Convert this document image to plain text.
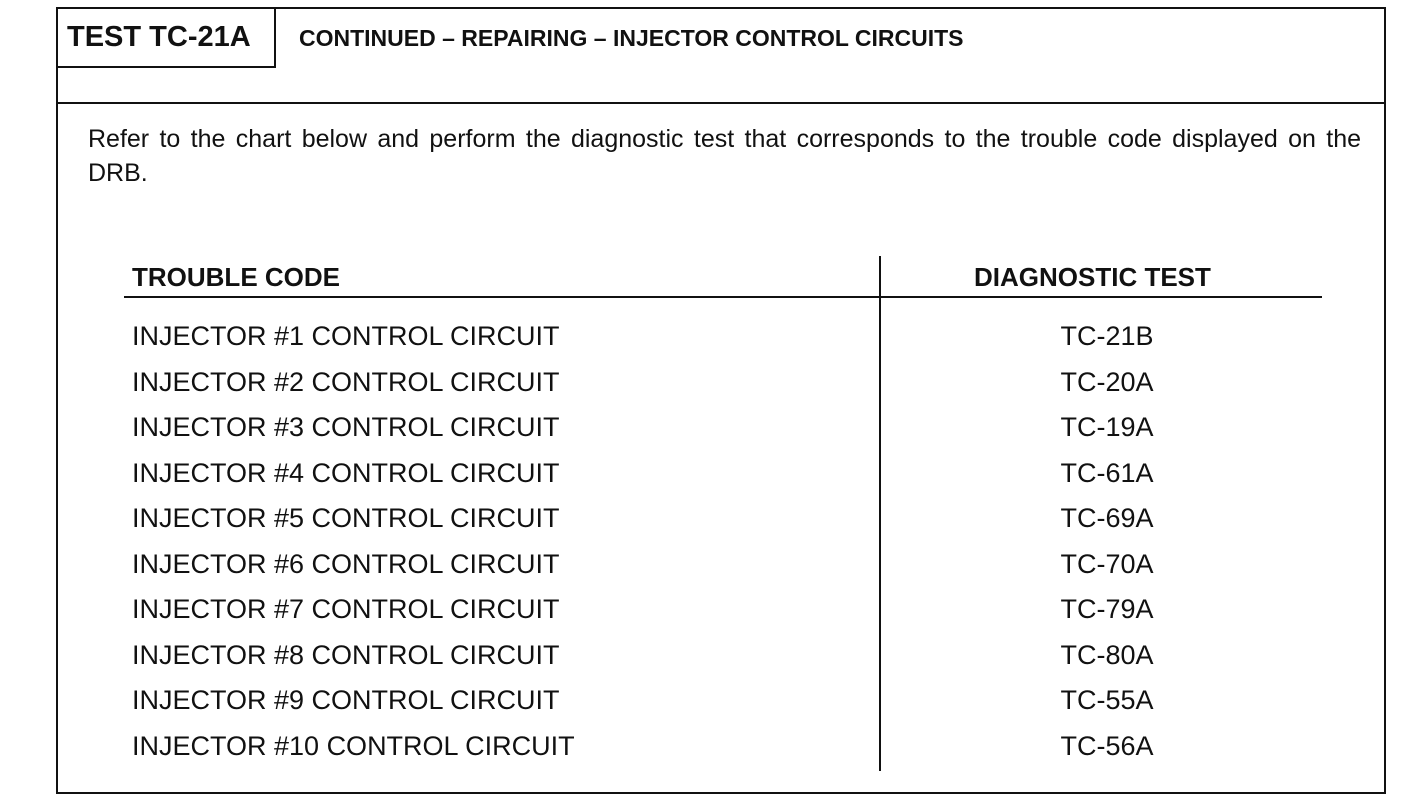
TEST TC-21A	CONTINUED – REPAIRING – INJECTOR CONTROL CIRCUITS
Refer to the chart below and perform the diagnostic test that corresponds to the trouble code displayed on the DRB.
TROUBLE CODE	DIAGNOSTIC TEST
INJECTOR #1 CONTROL CIRCUIT	TC-21B
INJECTOR #2 CONTROL CIRCUIT	TC-20A
INJECTOR #3 CONTROL CIRCUIT	TC-19A
INJECTOR #4 CONTROL CIRCUIT	TC-61A
INJECTOR #5 CONTROL CIRCUIT	TC-69A
INJECTOR #6 CONTROL CIRCUIT	TC-70A
INJECTOR #7 CONTROL CIRCUIT	TC-79A
INJECTOR #8 CONTROL CIRCUIT	TC-80A
INJECTOR #9 CONTROL CIRCUIT	TC-55A
INJECTOR #10 CONTROL CIRCUIT	TC-56A
